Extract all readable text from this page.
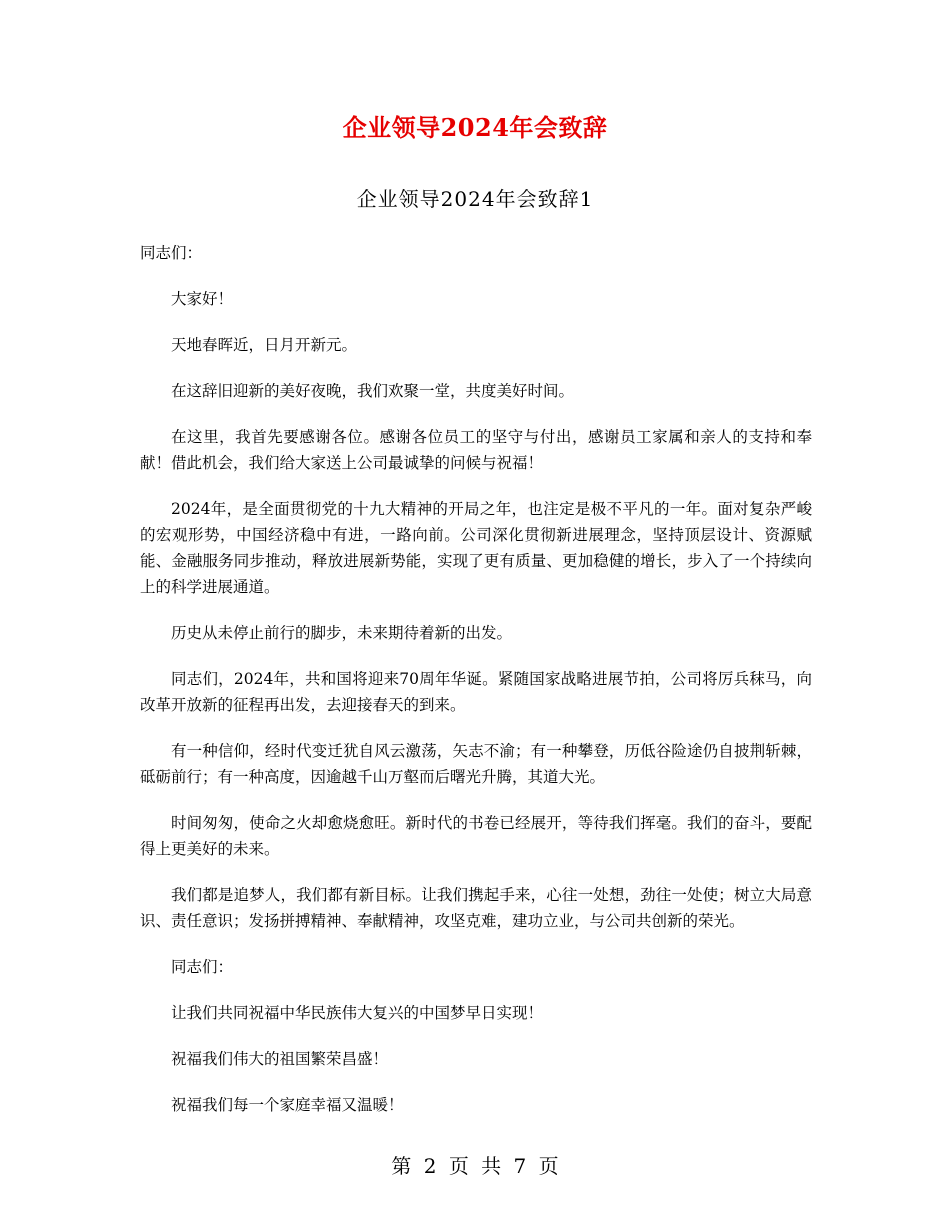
企业领导2024年会致辞
企业领导2024年会致辞1

同志们：

大家好！

天地春晖近，日月开新元。

在这辞旧迎新的美好夜晚，我们欢聚一堂，共度美好时间。

在这里，我首先要感谢各位。感谢各位员工的坚守与付出，感谢员工家属和亲人的支持和奉献！借此机会，我们给大家送上公司最诚挚的问候与祝福！

2024年，是全面贯彻党的十九大精神的开局之年，也注定是极不平凡的一年。面对复杂严峻的宏观形势，中国经济稳中有进，一路向前。公司深化贯彻新进展理念，坚持顶层设计、资源赋能、金融服务同步推动，释放进展新势能，实现了更有质量、更加稳健的增长，步入了一个持续向上的科学进展通道。

历史从未停止前行的脚步，未来期待着新的出发。

同志们，2024年，共和国将迎来70周年华诞。紧随国家战略进展节拍，公司将厉兵秣马，向改革开放新的征程再出发，去迎接春天的到来。

有一种信仰，经时代变迁犹自风云激荡，矢志不渝；有一种攀登，历低谷险途仍自披荆斩棘，砥砺前行；有一种高度，因逾越千山万壑而后曙光升腾，其道大光。

时间匆匆，使命之火却愈烧愈旺。新时代的书卷已经展开，等待我们挥毫。我们的奋斗，要配得上更美好的未来。

我们都是追梦人，我们都有新目标。让我们携起手来，心往一处想，劲往一处使；树立大局意识、责任意识；发扬拼搏精神、奉献精神，攻坚克难，建功立业，与公司共创新的荣光。

同志们：

让我们共同祝福中华民族伟大复兴的中国梦早日实现！

祝福我们伟大的祖国繁荣昌盛！

祝福我们每一个家庭幸福又温暖！

第 2 页 共 7 页
